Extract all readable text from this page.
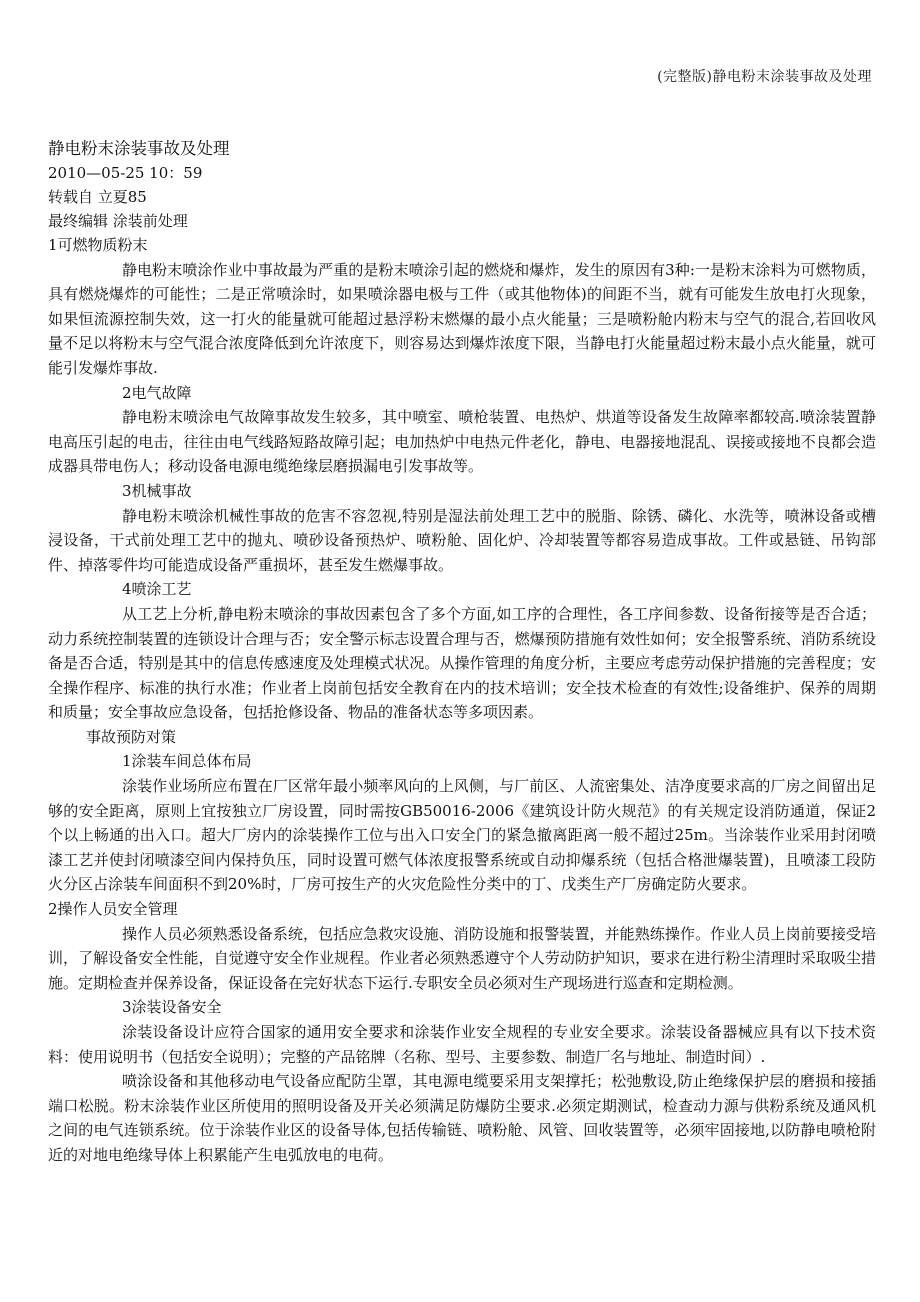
(完整版)静电粉末涂装事故及处理
静电粉末涂装事故及处理
2010—05-25 10：59
转载自 立夏85
最终编辑 涂装前处理
1可燃物质粉末

静电粉末喷涂作业中事故最为严重的是粉末喷涂引起的燃烧和爆炸，发生的原因有3种:一是粉末涂料为可燃物质，具有燃烧爆炸的可能性；二是正常喷涂时，如果喷涂器电极与工件（或其他物体)的间距不当，就有可能发生放电打火现象，如果恒流源控制失效，这一打火的能量就可能超过悬浮粉末燃爆的最小点火能量；三是喷粉舱内粉末与空气的混合,若回收风量不足以将粉末与空气混合浓度降低到允许浓度下，则容易达到爆炸浓度下限，当静电打火能量超过粉末最小点火能量，就可能引发爆炸事故.

2电气故障

静电粉末喷涂电气故障事故发生较多，其中喷室、喷枪装置、电热炉、烘道等设备发生故障率都较高.喷涂装置静电高压引起的电击，往往由电气线路短路故障引起；电加热炉中电热元件老化，静电、电器接地混乱、误接或接地不良都会造成器具带电伤人；移动设备电源电缆绝缘层磨损漏电引发事故等。

3机械事故

静电粉末喷涂机械性事故的危害不容忽视,特别是湿法前处理工艺中的脱脂、除锈、磷化、水洗等，喷淋设备或槽浸设备，干式前处理工艺中的抛丸、喷砂设备预热炉、喷粉舱、固化炉、冷却装置等都容易造成事故。工件或悬链、吊钩部件、掉落零件均可能造成设备严重损坏，甚至发生燃爆事故。

4喷涂工艺

从工艺上分析,静电粉末喷涂的事故因素包含了多个方面,如工序的合理性，各工序间参数、设备衔接等是否合适；动力系统控制装置的连锁设计合理与否；安全警示标志设置合理与否，燃爆预防措施有效性如何；安全报警系统、消防系统设备是否合适，特别是其中的信息传感速度及处理模式状况。从操作管理的角度分析，主要应考虑劳动保护措施的完善程度；安全操作程序、标准的执行水准；作业者上岗前包括安全教育在内的技术培训；安全技术检查的有效性;设备维护、保养的周期和质量；安全事故应急设备，包括抢修设备、物品的准备状态等多项因素。

事故预防对策
1涂装车间总体布局

涂装作业场所应布置在厂区常年最小频率风向的上风侧，与厂前区、人流密集处、洁净度要求高的厂房之间留出足够的安全距离，原则上宜按独立厂房设置，同时需按GB50016-2006《建筑设计防火规范》的有关规定设消防通道，保证2个以上畅通的出入口。超大厂房内的涂装操作工位与出入口安全门的紧急撤离距离一般不超过25m。当涂装作业采用封闭喷漆工艺并使封闭喷漆空间内保持负压，同时设置可燃气体浓度报警系统或自动抑爆系统（包括合格泄爆装置)，且喷漆工段防火分区占涂装车间面积不到20%时，厂房可按生产的火灾危险性分类中的丁、戊类生产厂房确定防火要求。

2操作人员安全管理

操作人员必须熟悉设备系统，包括应急救灾设施、消防设施和报警装置，并能熟练操作。作业人员上岗前要接受培训，了解设备安全性能，自觉遵守安全作业规程。作业者必须熟悉遵守个人劳动防护知识，要求在进行粉尘清理时采取吸尘措施。定期检查并保养设备，保证设备在完好状态下运行.专职安全员必须对生产现场进行巡查和定期检测。

3涂装设备安全

涂装设备设计应符合国家的通用安全要求和涂装作业安全规程的专业安全要求。涂装设备器械应具有以下技术资料：使用说明书（包括安全说明）；完整的产品铭牌（名称、型号、主要参数、制造厂名与地址、制造时间）.

喷涂设备和其他移动电气设备应配防尘罩，其电源电缆要采用支架撑托；松弛敷设,防止绝缘保护层的磨损和接插端口松脱。粉末涂装作业区所使用的照明设备及开关必须满足防爆防尘要求.必须定期测试，检查动力源与供粉系统及通风机之间的电气连锁系统。位于涂装作业区的设备导体,包括传输链、喷粉舱、风管、回收装置等，必须牢固接地,以防静电喷枪附近的对地电绝缘导体上积累能产生电弧放电的电荷。
